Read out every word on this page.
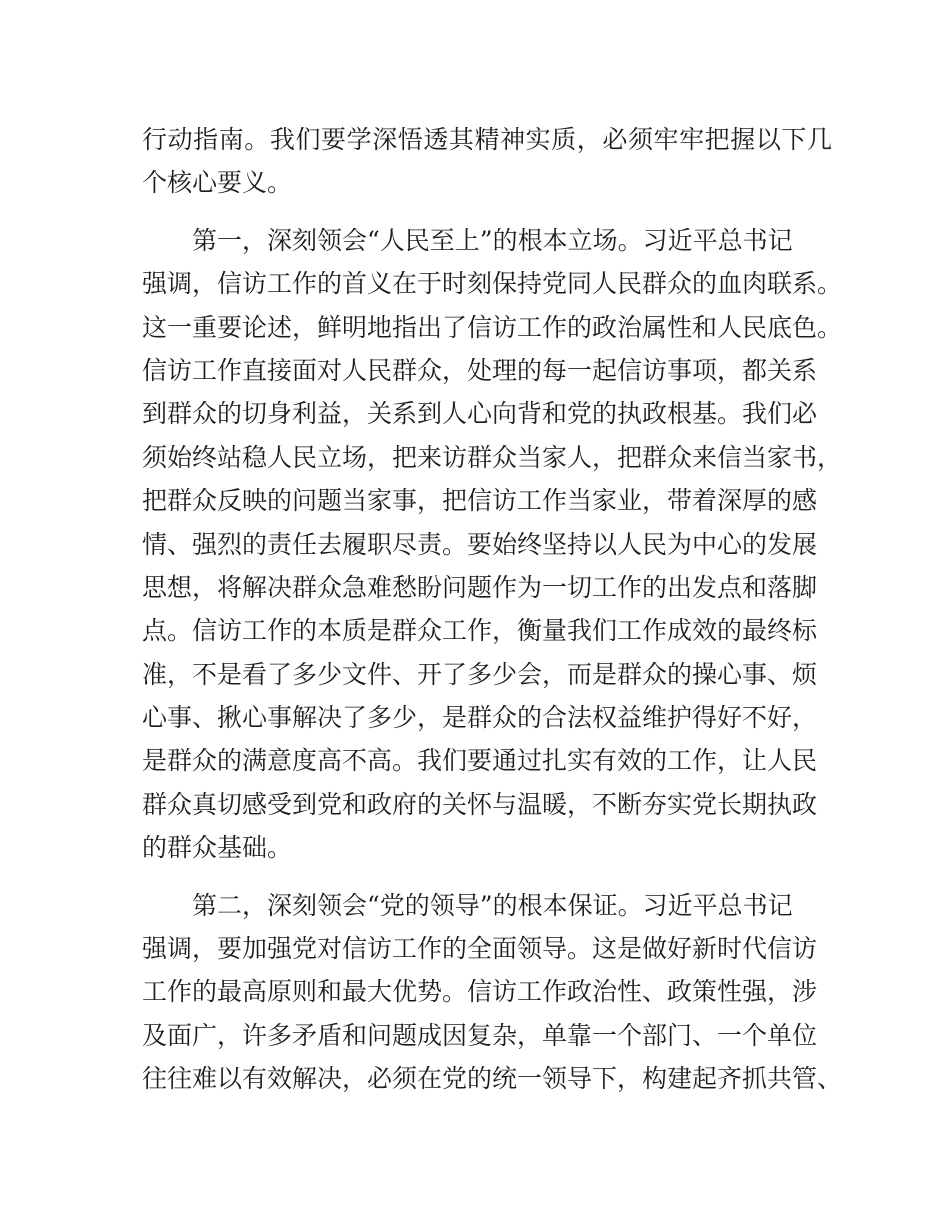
行动指南。我们要学深悟透其精神实质，必须牢牢把握以下几
个核心要义。
第一，深刻领会“人民至上”的根本立场。习近平总书记
强调，信访工作的首义在于时刻保持党同人民群众的血肉联系。
这一重要论述，鲜明地指出了信访工作的政治属性和人民底色。
信访工作直接面对人民群众，处理的每一起信访事项，都关系
到群众的切身利益，关系到人心向背和党的执政根基。我们必
须始终站稳人民立场，把来访群众当家人，把群众来信当家书，
把群众反映的问题当家事，把信访工作当家业，带着深厚的感
情、强烈的责任去履职尽责。要始终坚持以人民为中心的发展
思想，将解决群众急难愁盼问题作为一切工作的出发点和落脚
点。信访工作的本质是群众工作，衡量我们工作成效的最终标
准，不是看了多少文件、开了多少会，而是群众的操心事、烦
心事、揪心事解决了多少，是群众的合法权益维护得好不好，
是群众的满意度高不高。我们要通过扎实有效的工作，让人民
群众真切感受到党和政府的关怀与温暖，不断夯实党长期执政
的群众基础。
第二，深刻领会“党的领导”的根本保证。习近平总书记
强调，要加强党对信访工作的全面领导。这是做好新时代信访
工作的最高原则和最大优势。信访工作政治性、政策性强，涉
及面广，许多矛盾和问题成因复杂，单靠一个部门、一个单位
往往难以有效解决，必须在党的统一领导下，构建起齐抓共管、
